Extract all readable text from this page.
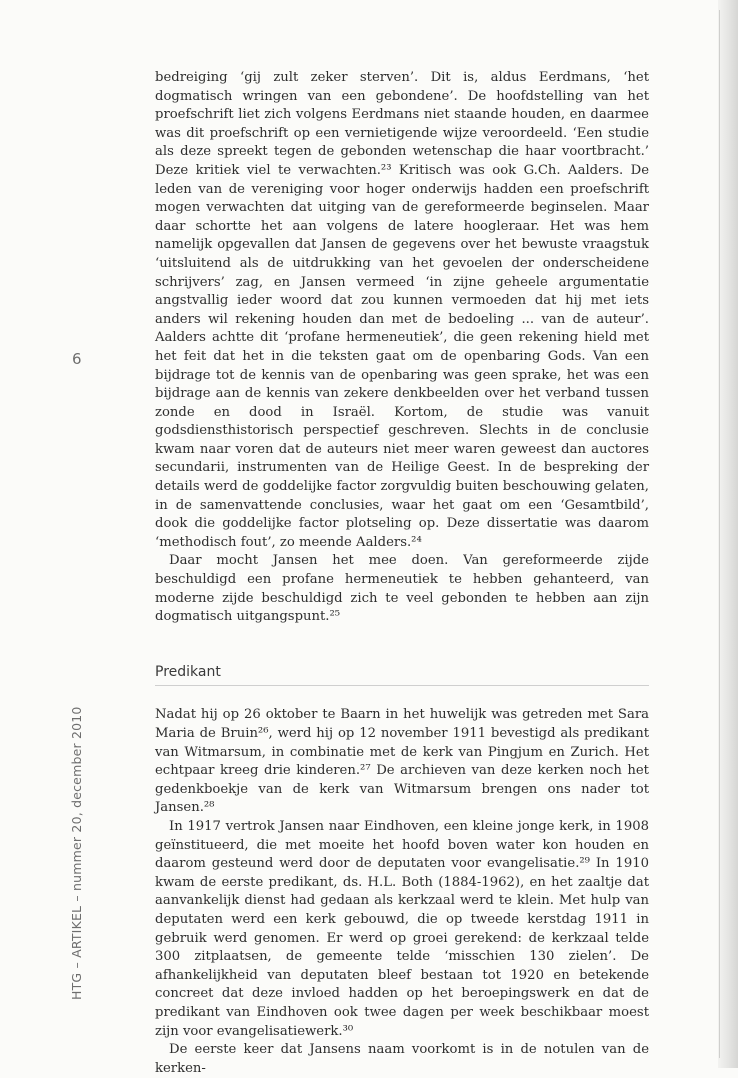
6
HTG – ARTIKEL – nummer 20, december 2010

bedreiging ‘gij zult zeker sterven’. Dit is, aldus Eerdmans, ‘het dogmatisch wringen van een gebondene’. De hoofdstelling van het proefschrift liet zich volgens Eerdmans niet staande houden, en daarmee was dit proefschrift op een vernietigende wijze veroordeeld. ‘Een studie als deze spreekt tegen de gebonden wetenschap die haar voortbracht.’ Deze kritiek viel te verwachten.²³ Kritisch was ook G.Ch. Aalders. De leden van de vereniging voor hoger onderwijs hadden een proefschrift mogen verwachten dat uitging van de gereformeerde beginselen. Maar daar schortte het aan volgens de latere hoogleraar. Het was hem namelijk opgevallen dat Jansen de gegevens over het bewuste vraagstuk ‘uitsluitend als de uitdrukking van het gevoelen der onderscheidene schrijvers’ zag, en Jansen vermeed ‘in zijne geheele argumentatie angstvallig ieder woord dat zou kunnen vermoeden dat hij met iets anders wil rekening houden dan met de bedoeling ... van de auteur’. Aalders achtte dit ‘profane hermeneutiek’, die geen rekening hield met het feit dat het in die teksten gaat om de openbaring Gods. Van een bijdrage tot de kennis van de openbaring was geen sprake, het was een bijdrage aan de kennis van zekere denkbeelden over het verband tussen zonde en dood in Israël. Kortom, de studie was vanuit godsdiensthistorisch perspectief geschreven. Slechts in de conclusie kwam naar voren dat de auteurs niet meer waren geweest dan auctores secundarii, instrumenten van de Heilige Geest. In de bespreking der details werd de goddelijke factor zorgvuldig buiten beschouwing gelaten, in de samenvattende conclusies, waar het gaat om een ‘Gesamtbild’, dook die goddelijke factor plotseling op. Deze dissertatie was daarom ‘methodisch fout’, zo meende Aalders.²⁴

Daar mocht Jansen het mee doen. Van gereformeerde zijde beschuldigd een profane hermeneutiek te hebben gehanteerd, van moderne zijde beschuldigd zich te veel gebonden te hebben aan zijn dogmatisch uitgangspunt.²⁵

Predikant

Nadat hij op 26 oktober te Baarn in het huwelijk was getreden met Sara Maria de Bruin²⁶, werd hij op 12 november 1911 bevestigd als predikant van Witmarsum, in combinatie met de kerk van Pingjum en Zurich. Het echtpaar kreeg drie kinderen.²⁷ De archieven van deze kerken noch het gedenkboekje van de kerk van Witmarsum brengen ons nader tot Jansen.²⁸

In 1917 vertrok Jansen naar Eindhoven, een kleine jonge kerk, in 1908 geïnstitueerd, die met moeite het hoofd boven water kon houden en daarom gesteund werd door de deputaten voor evangelisatie.²⁹ In 1910 kwam de eerste predikant, ds. H.L. Both (1884-1962), en het zaaltje dat aanvankelijk dienst had gedaan als kerkzaal werd te klein. Met hulp van deputaten werd een kerk gebouwd, die op tweede kerstdag 1911 in gebruik werd genomen. Er werd op groei gerekend: de kerkzaal telde 300 zitplaatsen, de gemeente telde ‘misschien 130 zielen’. De afhankelijkheid van deputaten bleef bestaan tot 1920 en betekende concreet dat deze invloed hadden op het beroepingswerk en dat de predikant van Eindhoven ook twee dagen per week beschikbaar moest zijn voor evangelisatiewerk.³⁰

De eerste keer dat Jansens naam voorkomt is in de notulen van de kerken-
